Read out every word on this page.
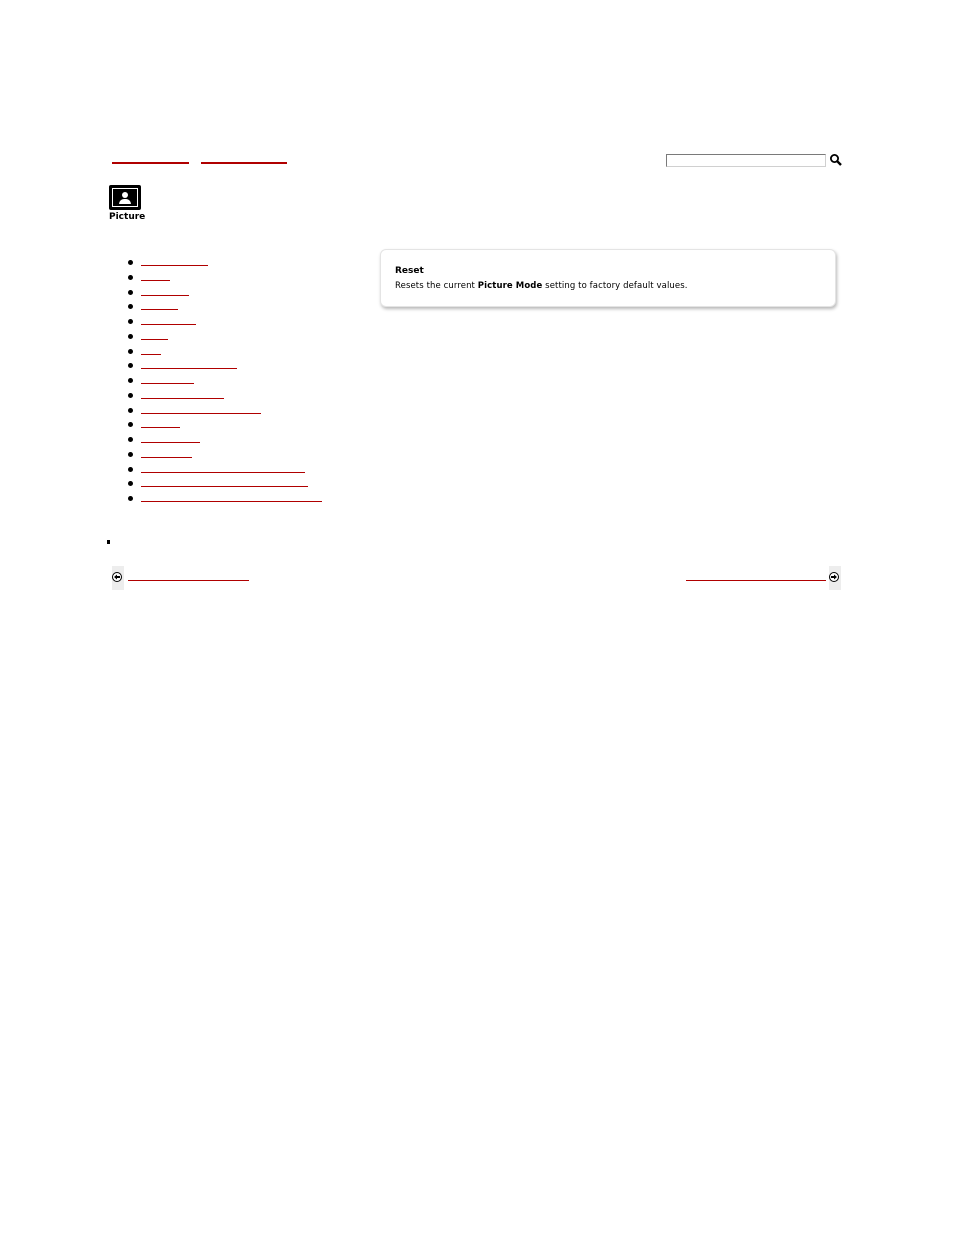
Picture
Reset
Resets the current Picture Mode setting to factory default values.
